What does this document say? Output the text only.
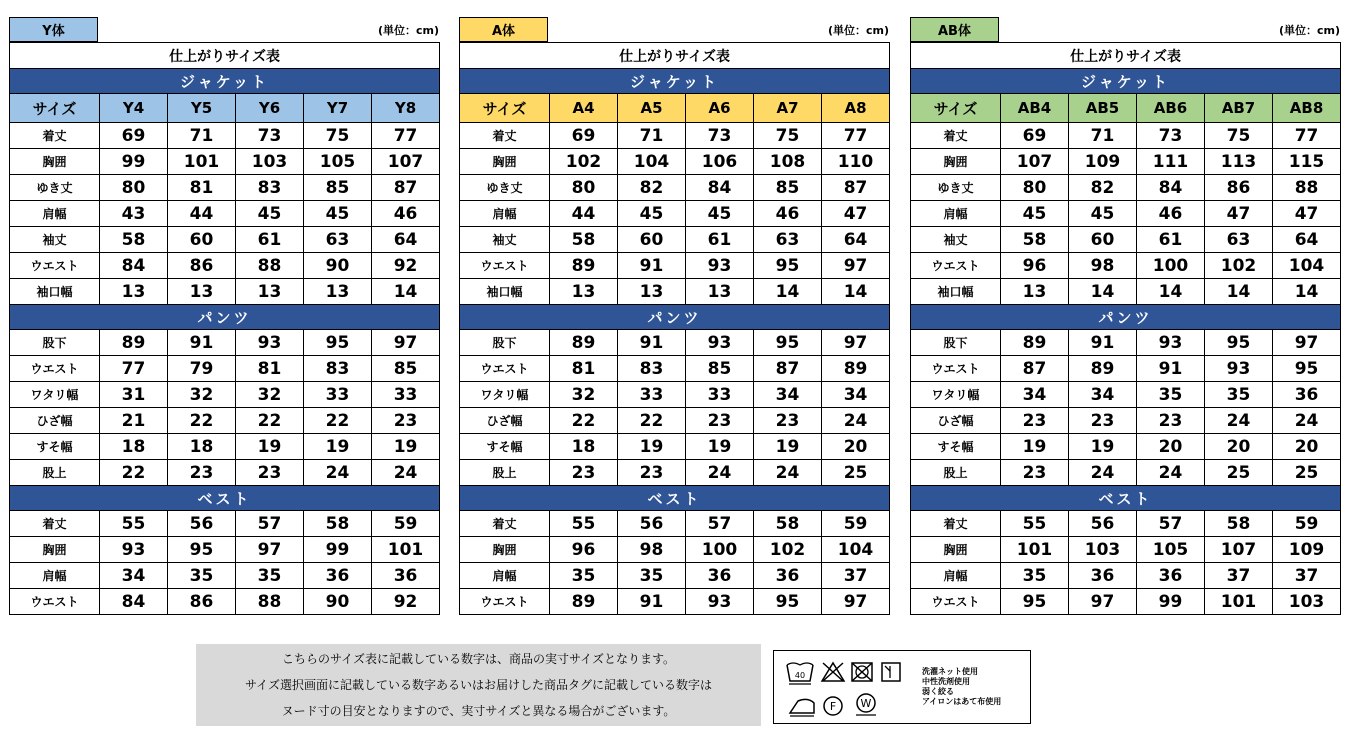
Y体	(単位：cm)
仕上がりサイズ表					
ジャケット					
サイズ	Y4	Y5	Y6	Y7	Y8
着丈	69	71	73	75	77
胸囲	99	101	103	105	107
ゆき丈	80	81	83	85	87
肩幅	43	44	45	45	46
袖丈	58	60	61	63	64
ウエスト	84	86	88	90	92
袖口幅	13	13	13	13	14
パンツ					
股下	89	91	93	95	97
ウエスト	77	79	81	83	85
ワタリ幅	31	32	32	33	33
ひざ幅	21	22	22	22	23
すそ幅	18	18	19	19	19
股上	22	23	23	24	24
ベスト					
着丈	55	56	57	58	59
胸囲	93	95	97	99	101
肩幅	34	35	35	36	36
ウエスト	84	86	88	90	92
A体	(単位：cm)
仕上がりサイズ表					
ジャケット					
サイズ	A4	A5	A6	A7	A8
着丈	69	71	73	75	77
胸囲	102	104	106	108	110
ゆき丈	80	82	84	85	87
肩幅	44	45	45	46	47
袖丈	58	60	61	63	64
ウエスト	89	91	93	95	97
袖口幅	13	13	13	14	14
パンツ					
股下	89	91	93	95	97
ウエスト	81	83	85	87	89
ワタリ幅	32	33	33	34	34
ひざ幅	22	22	23	23	24
すそ幅	18	19	19	19	20
股上	23	23	24	24	25
ベスト					
着丈	55	56	57	58	59
胸囲	96	98	100	102	104
肩幅	35	35	36	36	37
ウエスト	89	91	93	95	97
AB体	(単位：cm)
仕上がりサイズ表					
ジャケット					
サイズ	AB4	AB5	AB6	AB7	AB8
着丈	69	71	73	75	77
胸囲	107	109	111	113	115
ゆき丈	80	82	84	86	88
肩幅	45	45	46	47	47
袖丈	58	60	61	63	64
ウエスト	96	98	100	102	104
袖口幅	13	14	14	14	14
パンツ					
股下	89	91	93	95	97
ウエスト	87	89	91	93	95
ワタリ幅	34	34	35	35	36
ひざ幅	23	23	23	24	24
すそ幅	19	19	20	20	20
股上	23	24	24	25	25
ベスト					
着丈	55	56	57	58	59
胸囲	101	103	105	107	109
肩幅	35	36	36	37	37
ウエスト	95	97	99	101	103
こちらのサイズ表に記載している数字は、商品の実寸サイズとなります。
サイズ選択画面に記載している数字あるいはお届けした商品タグに記載している数字は
ヌード寸の目安となりますので、実寸サイズと異なる場合がございます。
40
F W
洗濯ネット使用
中性洗剤使用
弱く絞る
アイロンはあて布使用
